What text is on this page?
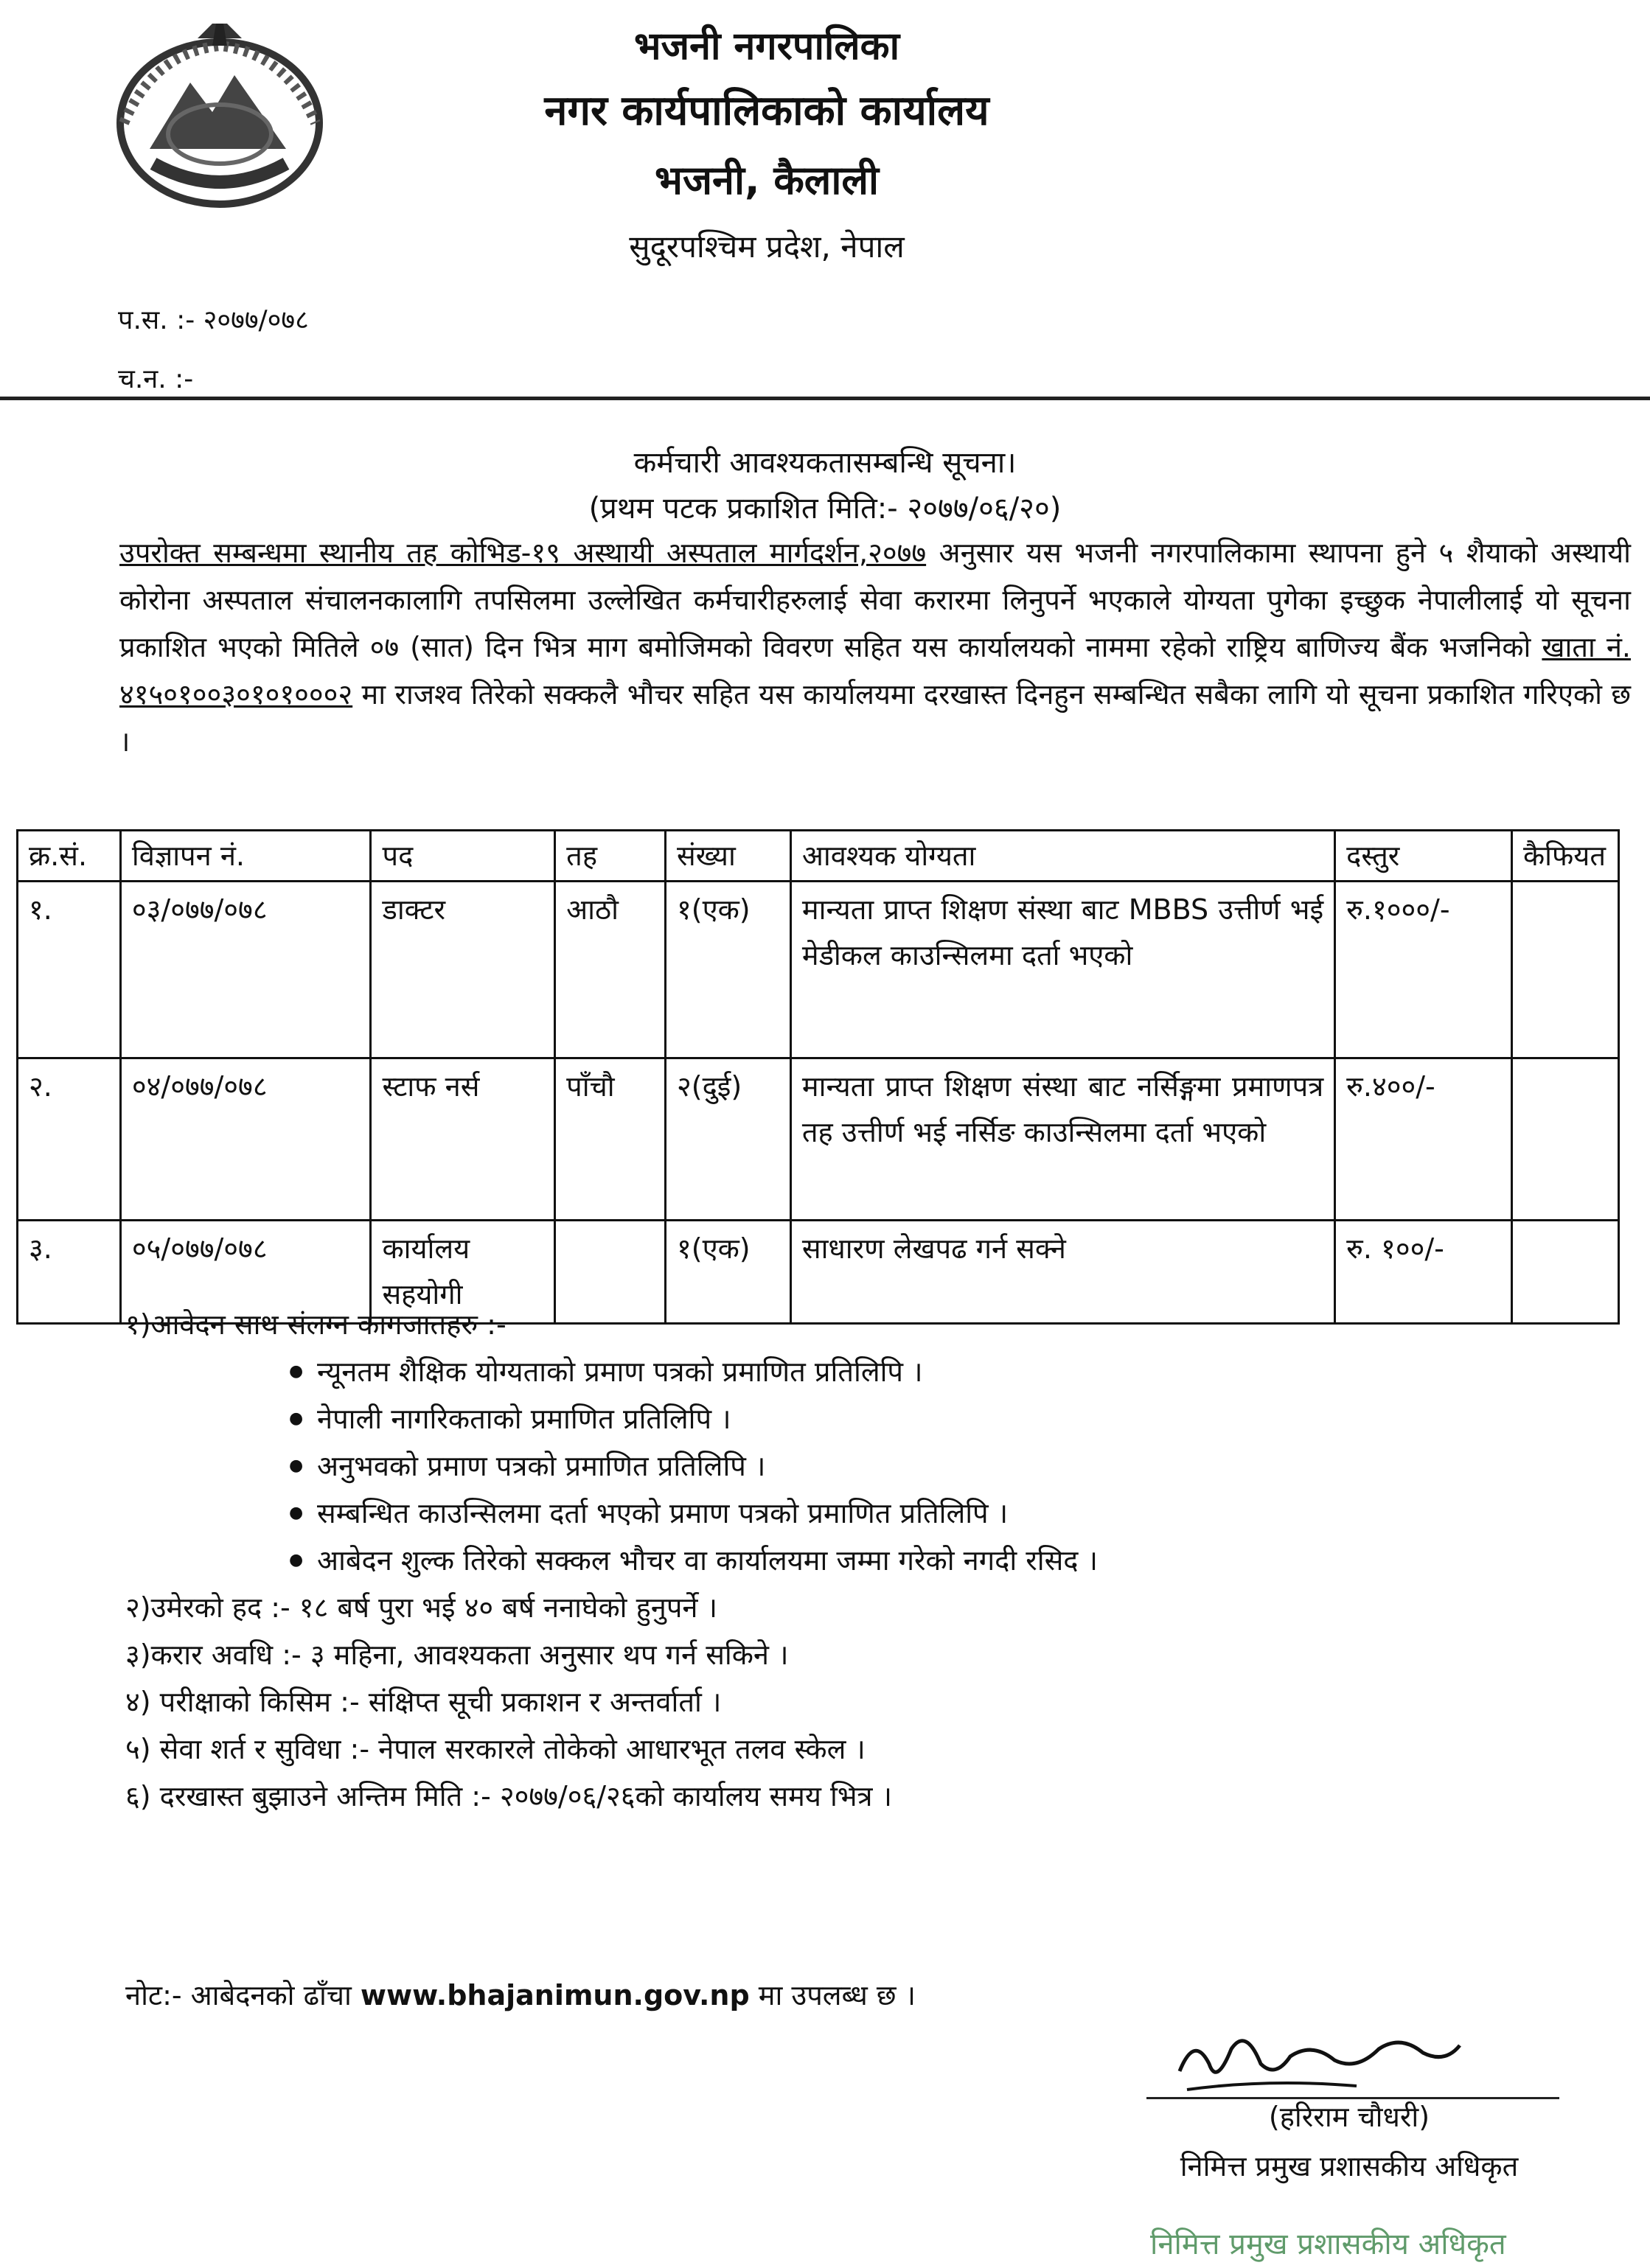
भजनी नगरपालिका
नगर कार्यपालिकाको कार्यालय
भजनी, कैलाली
सुदूरपश्चिम प्रदेश, नेपाल
प.स. :- २०७७/०७८
च.न. :-
कर्मचारी आवश्यकतासम्बन्धि सूचना।
(प्रथम पटक प्रकाशित मिति:- २०७७/०६/२०)
उपरोक्त सम्बन्धमा स्थानीय तह कोभिड-१९ अस्थायी अस्पताल मार्गदर्शन,२०७७ अनुसार यस भजनी नगरपालिकामा स्थापना हुने ५ शैयाको अस्थायी कोरोना अस्पताल संचालनकालागि तपसिलमा उल्लेखित कर्मचारीहरुलाई सेवा करारमा लिनुपर्ने भएकाले योग्यता पुगेका इच्छुक नेपालीलाई यो सूचना प्रकाशित भएको मितिले ०७ (सात) दिन भित्र माग बमोजिमको विवरण सहित यस कार्यालयको नाममा रहेको राष्ट्रिय बाणिज्य बैंक भजनिको खाता नं. ४१५०१००३०१०१०००२ मा राजश्व तिरेको सक्कलै भौचर सहित यस कार्यालयमा दरखास्त दिनहुन सम्बन्धित सबैका लागि यो सूचना प्रकाशित गरिएको छ ।
क्र.सं.	विज्ञापन नं.	पद	तह	संख्या	आवश्यक योग्यता	दस्तुर	कैफियत
१.	०३/०७७/०७८	डाक्टर	आठौ	१(एक)	मान्यता प्राप्त शिक्षण संस्था बाट MBBS उत्तीर्ण भई मेडीकल काउन्सिलमा दर्ता भएको	रु.१०००/-	
२.	०४/०७७/०७८	स्टाफ नर्स	पाँचौ	२(दुई)	मान्यता प्राप्त शिक्षण संस्था बाट नर्सिङ्गमा प्रमाणपत्र तह उत्तीर्ण भई नर्सिङ काउन्सिलमा दर्ता भएको	रु.४००/-	
३.	०५/०७७/०७८	कार्यालय सहयोगी		१(एक)	साधारण लेखपढ गर्न सक्ने	रु. १००/-	
१)आवेदन साथ संलग्न कागजातहरु :-
● न्यूनतम शैक्षिक योग्यताको प्रमाण पत्रको प्रमाणित प्रतिलिपि ।
● नेपाली नागरिकताको प्रमाणित प्रतिलिपि ।
● अनुभवको प्रमाण पत्रको प्रमाणित प्रतिलिपि ।
● सम्बन्धित काउन्सिलमा दर्ता भएको प्रमाण पत्रको प्रमाणित प्रतिलिपि ।
● आबेदन शुल्क तिरेको सक्कल भौचर वा कार्यालयमा जम्मा गरेको नगदी रसिद ।
२)उमेरको हद :- १८ बर्ष पुरा भई ४० बर्ष ननाघेको हुनुपर्ने ।
३)करार अवधि :- ३ महिना, आवश्यकता अनुसार थप गर्न सकिने ।
४) परीक्षाको किसिम :- संक्षिप्त सूची प्रकाशन र अन्तर्वार्ता ।
५) सेवा शर्त र सुविधा :- नेपाल सरकारले तोकेको आधारभूत तलव स्केल ।
६) दरखास्त बुझाउने अन्तिम मिति :- २०७७/०६/२६को कार्यालय समय भित्र ।
नोट:- आबेदनको ढाँचा www.bhajanimun.gov.np मा उपलब्ध छ ।
(हरिराम चौधरी)
निमित्त प्रमुख प्रशासकीय अधिकृत
निमित्त प्रमुख प्रशासकीय अधिकृत
